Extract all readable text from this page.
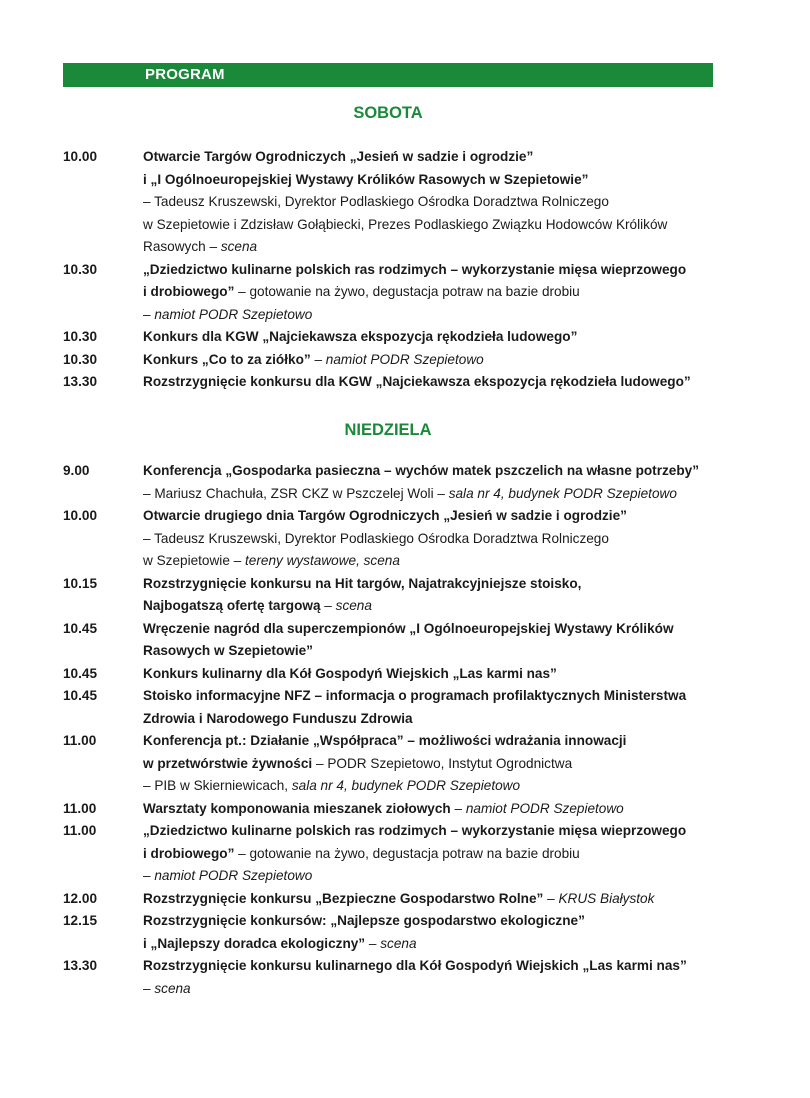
PROGRAM
SOBOTA
10.00	Otwarcie Targów Ogrodniczych „Jesień w sadzie i ogrodzie”
i „I Ogólnoeuropejskiej Wystawy Królików Rasowych w Szepietowie”
– Tadeusz Kruszewski, Dyrektor Podlaskiego Ośrodka Doradztwa Rolniczego
w Szepietowie i Zdzisław Gołąbiecki, Prezes Podlaskiego Związku Hodowców Królików
Rasowych – scena
10.30	„Dziedzictwo kulinarne polskich ras rodzimych – wykorzystanie mięsa wieprzowego
i drobiowego” – gotowanie na żywo, degustacja potraw na bazie drobiu
– namiot PODR Szepietowo
10.30	Konkurs dla KGW „Najciekawsza ekspozycja rękodzieła ludowego”
10.30	Konkurs „Co to za ziółko” – namiot PODR Szepietowo
13.30	Rozstrzygnięcie konkursu dla KGW „Najciekawsza ekspozycja rękodzieła ludowego”
NIEDZIELA
9.00	Konferencja „Gospodarka pasieczna – wychów matek pszczelich na własne potrzeby”
– Mariusz Chachuła, ZSR CKZ w Pszczelej Woli – sala nr 4, budynek PODR Szepietowo
10.00	Otwarcie drugiego dnia Targów Ogrodniczych „Jesień w sadzie i ogrodzie”
– Tadeusz Kruszewski, Dyrektor Podlaskiego Ośrodka Doradztwa Rolniczego
w Szepietowie – tereny wystawowe, scena
10.15	Rozstrzygnięcie konkursu na Hit targów, Najatrakcyjniejsze stoisko,
Najbogatszą ofertę targową – scena
10.45	Wręczenie nagród dla superczempionów „I Ogólnoeuropejskiej Wystawy Królików
Rasowych w Szepietowie”
10.45	Konkurs kulinarny dla Kół Gospodyń Wiejskich „Las karmi nas”
10.45	Stoisko informacyjne NFZ – informacja o programach profilaktycznych Ministerstwa
Zdrowia i Narodowego Funduszu Zdrowia
11.00	Konferencja pt.: Działanie „Współpraca” – możliwości wdrażania innowacji
w przetwórstwie żywności – PODR Szepietowo, Instytut Ogrodnictwa
– PIB w Skierniewicach, sala nr 4, budynek PODR Szepietowo
11.00	Warsztaty komponowania mieszanek ziołowych – namiot PODR Szepietowo
11.00	„Dziedzictwo kulinarne polskich ras rodzimych – wykorzystanie mięsa wieprzowego
i drobiowego” – gotowanie na żywo, degustacja potraw na bazie drobiu
– namiot PODR Szepietowo
12.00	Rozstrzygnięcie konkursu „Bezpieczne Gospodarstwo Rolne” – KRUS Białystok
12.15	Rozstrzygnięcie konkursów: „Najlepsze gospodarstwo ekologiczne”
i „Najlepszy doradca ekologiczny” – scena
13.30	Rozstrzygnięcie konkursu kulinarnego dla Kół Gospodyń Wiejskich „Las karmi nas”
– scena
